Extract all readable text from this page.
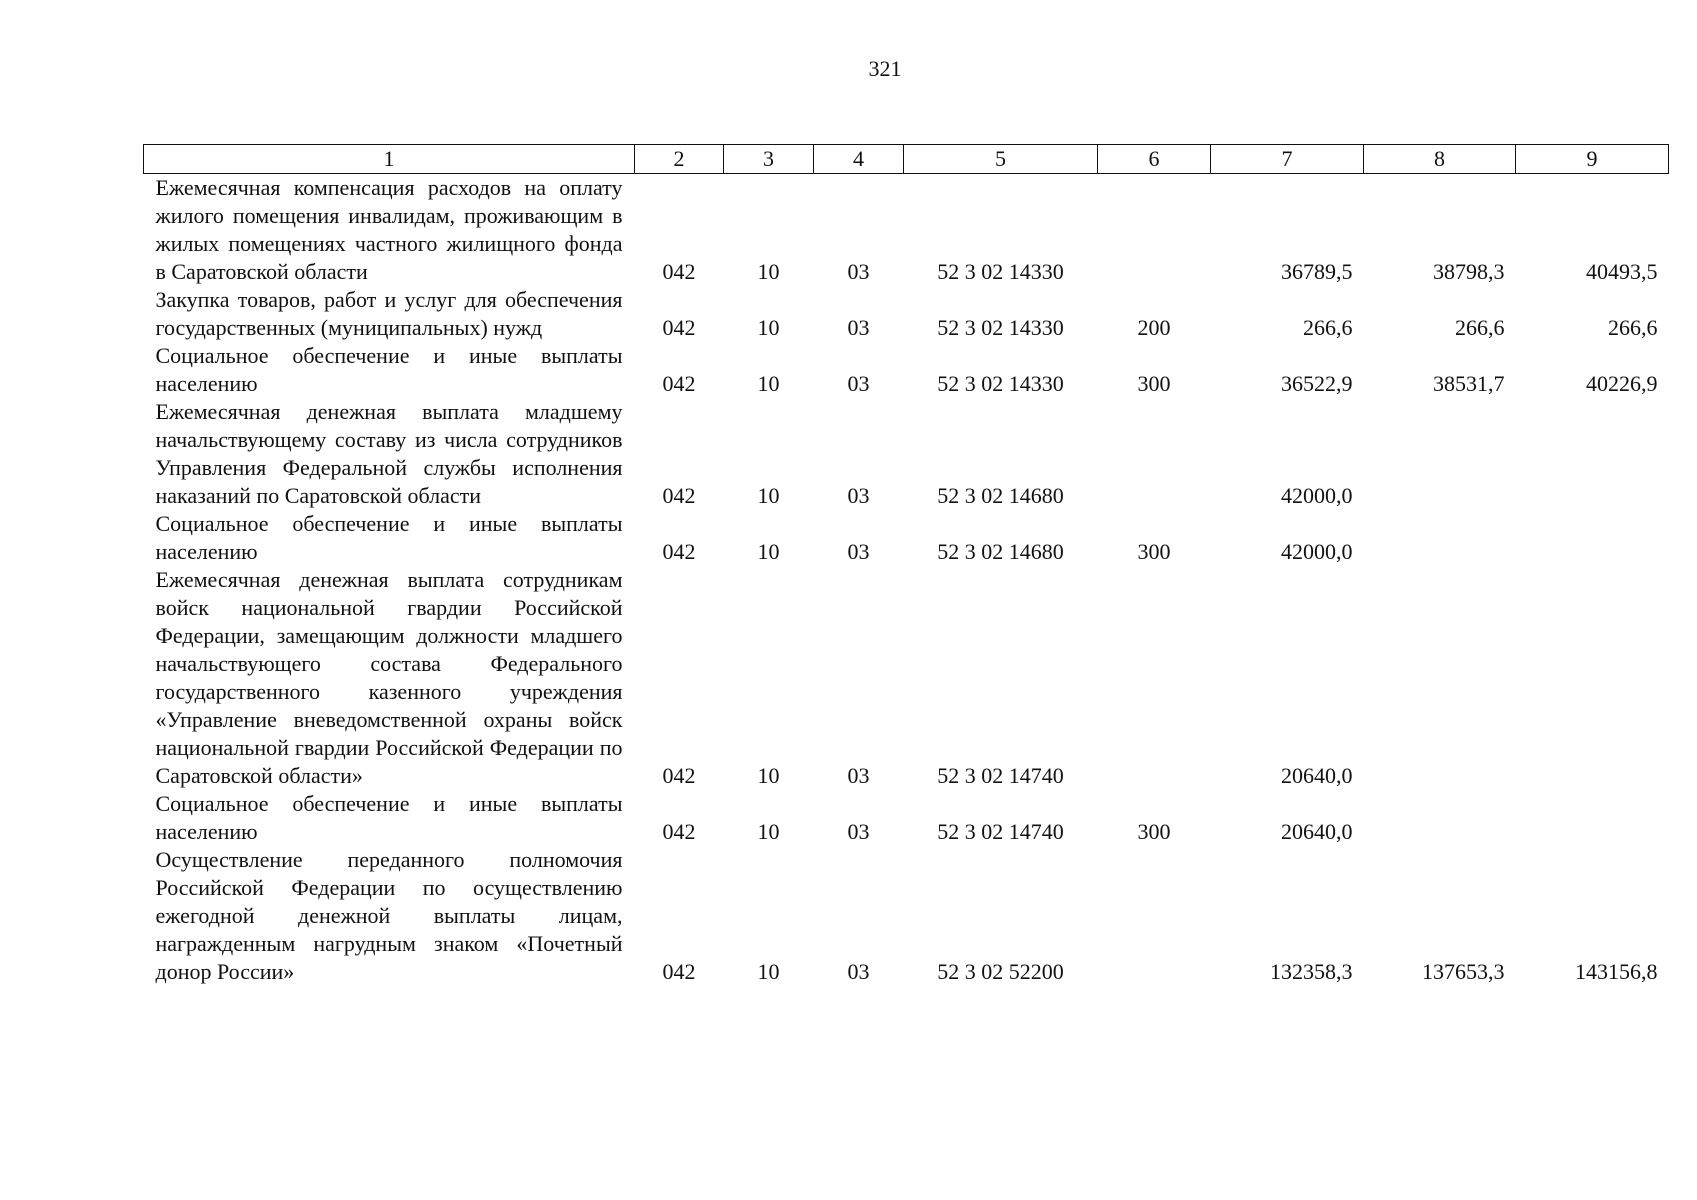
321
1	2	3	4	5	6	7	8	9
Ежемесячная компенсация расходов на оплату жилого помещения инвалидам, проживающим в жилых помещениях частного жилищного фонда в Саратовской области	042	10	03	52 3 02 14330		36789,5	38798,3	40493,5
Закупка товаров, работ и услуг для обеспечения государственных (муниципальных) нужд	042	10	03	52 3 02 14330	200	266,6	266,6	266,6
Социальное обеспечение и иные выплаты населению	042	10	03	52 3 02 14330	300	36522,9	38531,7	40226,9
Ежемесячная денежная выплата младшему начальствующему составу из числа сотрудников Управления Федеральной службы исполнения наказаний по Саратовской области	042	10	03	52 3 02 14680		42000,0		
Социальное обеспечение и иные выплаты населению	042	10	03	52 3 02 14680	300	42000,0		
Ежемесячная денежная выплата сотрудникам войск национальной гвардии Российской Федерации, замещающим должности младшего начальствующего состава Федерального государственного казенного учреждения «Управление вневедомственной охраны войск национальной гвардии Российской Федерации по Саратовской области»	042	10	03	52 3 02 14740		20640,0		
Социальное обеспечение и иные выплаты населению	042	10	03	52 3 02 14740	300	20640,0		
Осуществление переданного полномочия Российской Федерации по осуществлению ежегодной денежной выплаты лицам, награжденным нагрудным знаком «Почетный донор России»	042	10	03	52 3 02 52200		132358,3	137653,3	143156,8
